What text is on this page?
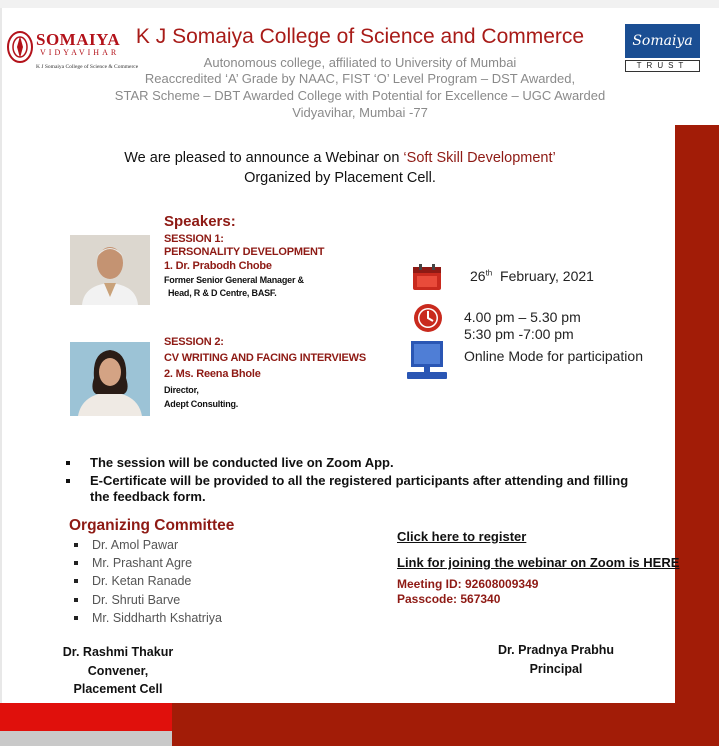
SOMAIYA
VIDYAVIHAR
K J Somaiya College of Science & Commerce
K J Somaiya College of Science and Commerce
Autonomous college, affiliated to University of Mumbai
Reaccredited ‘A’ Grade by NAAC, FIST ‘O’ Level Program – DST Awarded,
STAR Scheme – DBT Awarded College with Potential for Excellence – UGC Awarded
Vidyavihar, Mumbai -77
Somaiya
TRUST
We are pleased to announce a Webinar on ‘Soft Skill Development’
Organized by Placement Cell.
Speakers:
SESSION 1:
PERSONALITY DEVELOPMENT
1. Dr. Prabodh Chobe
Former Senior General Manager &
Head, R & D Centre, BASF.
SESSION 2:
CV WRITING AND FACING INTERVIEWS
2. Ms. Reena Bhole
Director,
Adept Consulting.
26th February, 2021
4.00 pm – 5.30 pm
5:30 pm -7:00 pm
Online Mode for participation
The session will be conducted live on Zoom App.
E-Certificate will be provided to all the registered participants after attending and filling the feedback form.
Organizing Committee
Dr. Amol Pawar
Mr. Prashant Agre
Dr. Ketan Ranade
Dr. Shruti Barve
Mr. Siddharth Kshatriya
Click here to register
Link for joining the webinar on Zoom is HERE
Meeting ID: 92608009349
Passcode: 567340
Dr. Rashmi Thakur
Convener,
Placement Cell
Dr. Pradnya Prabhu
Principal
